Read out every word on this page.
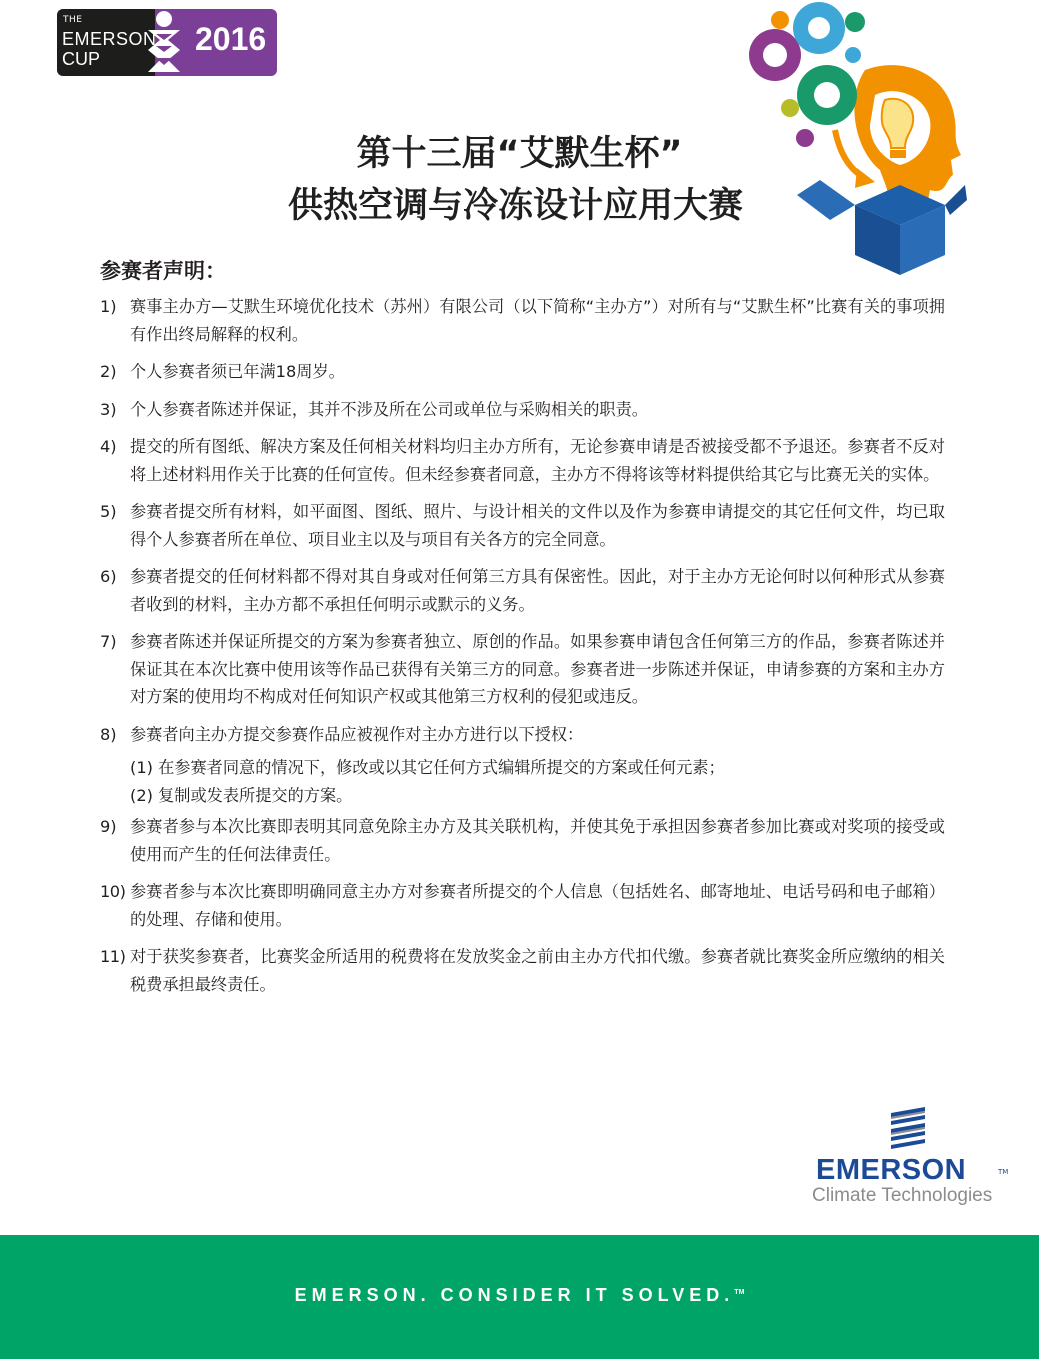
THE
EMERSON
CUP
2016
第十三届“艾默生杯”
供热空调与冷冻设计应用大赛
参赛者声明：
1) 赛事主办方—艾默生环境优化技术（苏州）有限公司（以下简称“主办方”）对所有与“艾默生杯”比赛有关的事项拥有作出终局解释的权利。
2) 个人参赛者须已年满18周岁。
3) 个人参赛者陈述并保证，其并不涉及所在公司或单位与采购相关的职责。
4) 提交的所有图纸、解决方案及任何相关材料均归主办方所有，无论参赛申请是否被接受都不予退还。参赛者不反对将上述材料用作关于比赛的任何宣传。但未经参赛者同意，主办方不得将该等材料提供给其它与比赛无关的实体。
5) 参赛者提交所有材料，如平面图、图纸、照片、与设计相关的文件以及作为参赛申请提交的其它任何文件，均已取得个人参赛者所在单位、项目业主以及与项目有关各方的完全同意。
6) 参赛者提交的任何材料都不得对其自身或对任何第三方具有保密性。因此，对于主办方无论何时以何种形式从参赛者收到的材料，主办方都不承担任何明示或默示的义务。
7) 参赛者陈述并保证所提交的方案为参赛者独立、原创的作品。如果参赛申请包含任何第三方的作品，参赛者陈述并保证其在本次比赛中使用该等作品已获得有关第三方的同意。参赛者进一步陈述并保证，申请参赛的方案和主办方对方案的使用均不构成对任何知识产权或其他第三方权利的侵犯或违反。
8) 参赛者向主办方提交参赛作品应被视作对主办方进行以下授权：
(1) 在参赛者同意的情况下，修改或以其它任何方式编辑所提交的方案或任何元素；
(2) 复制或发表所提交的方案。
9) 参赛者参与本次比赛即表明其同意免除主办方及其关联机构，并使其免于承担因参赛者参加比赛或对奖项的接受或使用而产生的任何法律责任。
10) 参赛者参与本次比赛即明确同意主办方对参赛者所提交的个人信息（包括姓名、邮寄地址、电话号码和电子邮箱）的处理、存储和使用。
11) 对于获奖参赛者，比赛奖金所适用的税费将在发放奖金之前由主办方代扣代缴。参赛者就比赛奖金所应缴纳的相关税费承担最终责任。
EMERSON	TM
Climate Technologies
EMERSON. CONSIDER IT SOLVED.™
